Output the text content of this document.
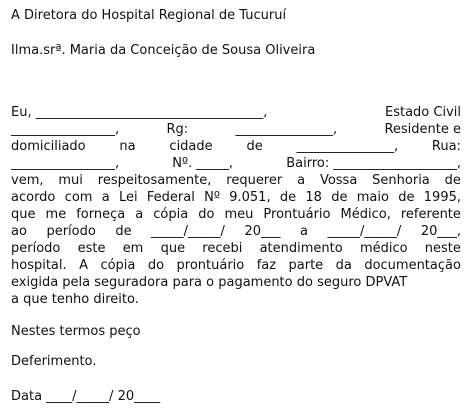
A Diretora do Hospital Regional de Tucuruí
Ilma.srª. Maria da Conceição de Sousa Oliveira
Eu, ___________________________________,	Estado Civil
________________,	Rg:	_______________,	Residente e
domiciliado	na	cidade	de	_______________,	Rua:
________________,	Nº. _____,	Bairro: ___________________,
vem, mui respeitosamente, requerer a Vossa Senhoria de
acordo com a Lei Federal Nº 9.051, de 18 de maio de 1995,
que me forneça a cópia do meu Prontuário Médico, referente
ao período de _____/_____/ 20___ a _____/_____/ 20___,
período este em que recebi atendimento médico neste
hospital. A cópia do prontuário faz parte da documentação
exigida pela seguradora para o pagamento do seguro DPVAT
a que tenho direito.
Nestes termos peço
Deferimento.
Data ____/_____/ 20____
